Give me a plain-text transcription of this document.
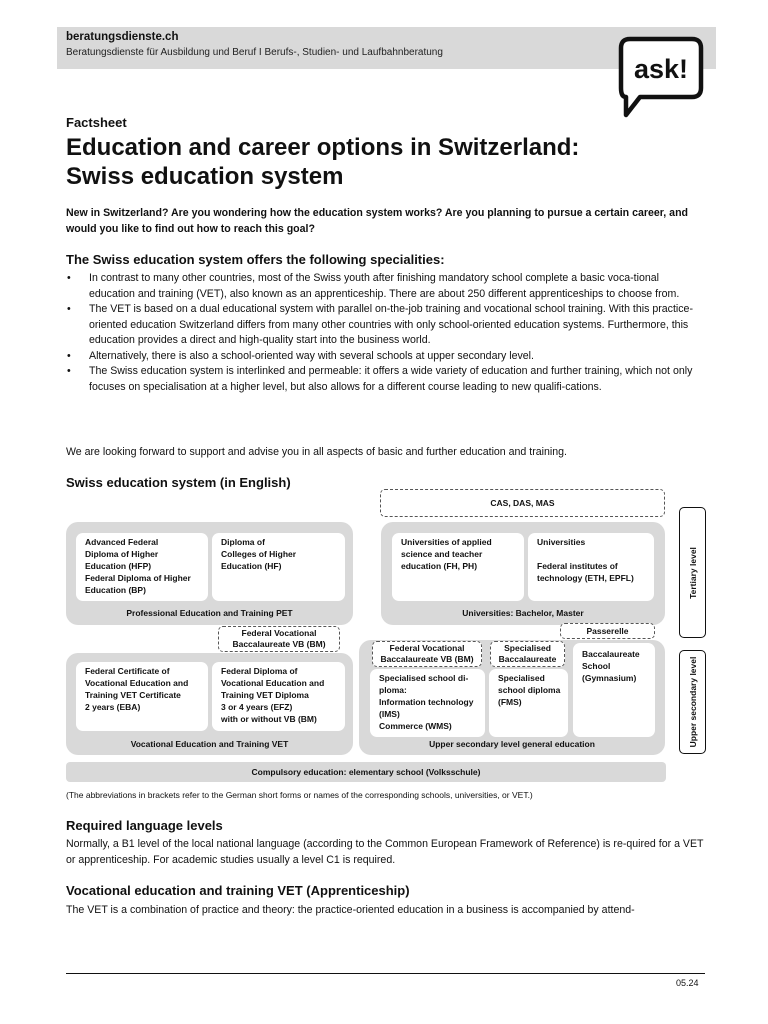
beratungsdienste.ch
Beratungsdienste für Ausbildung und Beruf I Berufs-, Studien- und Laufbahnberatung
ask!
Factsheet
Education and career options in Switzerland:
Swiss education system
New in Switzerland? Are you wondering how the education system works? Are you planning to pursue a certain career, and would you like to find out how to reach this goal?
The Swiss education system offers the following specialities:
• In contrast to many other countries, most of the Swiss youth after finishing mandatory school complete a basic voca-tional education and training (VET), also known as an apprenticeship. There are about 250 different apprenticeships to choose from.
• The VET is based on a dual educational system with parallel on-the-job training and vocational school training. With this practice-oriented education Switzerland differs from many other countries with only school-oriented education systems. Furthermore, this education provides a direct and high-quality start into the business world.
• Alternatively, there is also a school-oriented way with several schools at upper secondary level.
• The Swiss education system is interlinked and permeable: it offers a wide variety of education and further training, which not only focuses on specialisation at a higher level, but also allows for a different course leading to new qualifi-cations.
We are looking forward to support and advise you in all aspects of basic and further education and training.
Swiss education system (in English)
CAS, DAS, MAS
Advanced Federal
Diploma of Higher
Education (HFP)
Federal Diploma of Higher
Education (BP)
Diploma of
Colleges of Higher
Education (HF)
Professional Education and Training PET
Universities of applied
science and teacher
education (FH, PH)
Universities
Federal institutes of
technology (ETH, EPFL)
Universities: Bachelor, Master
Federal Vocational
Baccalaureate VB (BM)
Passerelle
Federal Certificate of
Vocational Education and
Training VET Certificate
2 years (EBA)
Federal Diploma of
Vocational Education and
Training VET Diploma
3 or 4 years (EFZ)
with or without VB (BM)
Vocational Education and Training VET
Federal Vocational
Baccalaureate VB (BM)
Specialised
Baccalaureate
Specialised school di-
ploma:
Information technology
(IMS)
Commerce (WMS)
Specialised
school diploma
(FMS)
Baccalaureate
School
(Gymnasium)
Upper secondary level general education
Compulsory education: elementary school (Volksschule)
Tertiary level
Upper secondary level
(The abbreviations in brackets refer to the German short forms or names of the corresponding schools, universities, or VET.)
Required language levels
Normally, a B1 level of the local national language (according to the Common European Framework of Reference) is re-quired for a VET or apprenticeship. For academic studies usually a level C1 is required.
Vocational education and training VET (Apprenticeship)
The VET is a combination of practice and theory: the practice-oriented education in a business is accompanied by attend-
05.24
